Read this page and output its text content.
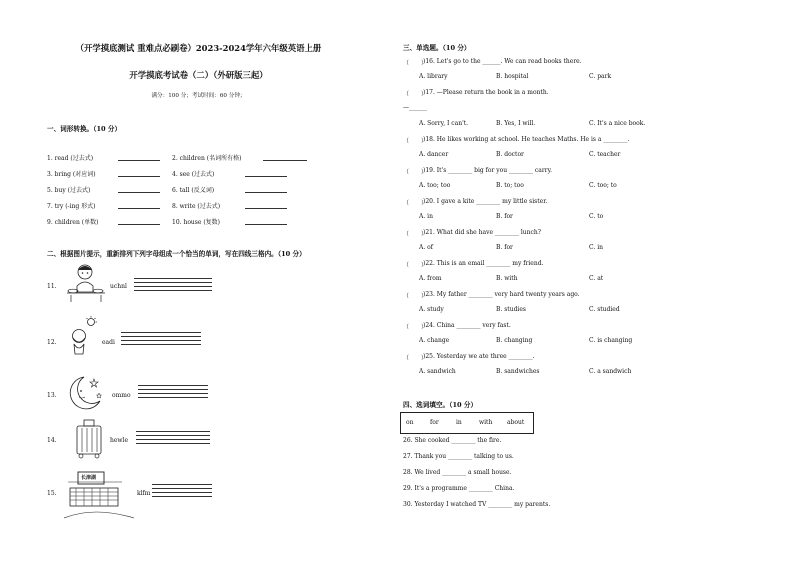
（开学摸底测试 重难点必刷卷）2023-2024学年六年级英语上册
开学摸底考试卷（二）（外研版三起）
满分：100 分；考试时间：60 分钟；
一、词形转换。（10 分）
1. read (过去式)	2. children (名词所有格)
3. bring (对应词)	4. see (过去式)
5. buy (过去式)	6. tall (反义词)
7. try (-ing 形式)	8. write (过去式)
9. children (单数)	10. house (复数)
二、根据图片提示，重新排列下列字母组成一个恰当的单词，写在四线三格内。（10 分）
11.	uchnl
12.	eadi
13.	ommo
14.	hewle
15.
长津湖
klfm
三、单选题。（10 分）
（　　）
)16. Let's go to the ______. We can read books there.
A. library	B. hospital	C. park
（　　）
)17. —Please return the book in a month.
—______
A. Sorry, I can't.	B. Yes, I will.	C. It's a nice book.
（　　）
)18. He likes working at school. He teaches Maths. He is a ________.
A. dancer	B. doctor	C. teacher
（　　）
)19. It's ________ big for you ________ carry.
A. too; too	B. to; too	C. too; to
（　　）
)20. I gave a kite ________ my little sister.
A. in	B. for	C. to
（　　）
)21. What did she have ________ lunch?
A. of	B. for	C. in
（　　）
)22. This is an email ________ my friend.
A. from	B. with	C. at
（　　）
)23. My father ________ very hard twenty years ago.
A. study	B. studies	C. studied
（　　）
)24. China ________ very fast.
A. change	B. changing	C. is changing
（　　）
)25. Yesterday we ate three ________.
A. sandwich	B. sandwiches	C. a sandwich
四、选词填空。（10 分）
on	for	in	with about
26. She cooked ________ the fire.
27. Thank you ________ talking to us.
28. We lived ________ a small house.
29. It's a programme ________ China.
30. Yesterday I watched TV ________ my parents.
